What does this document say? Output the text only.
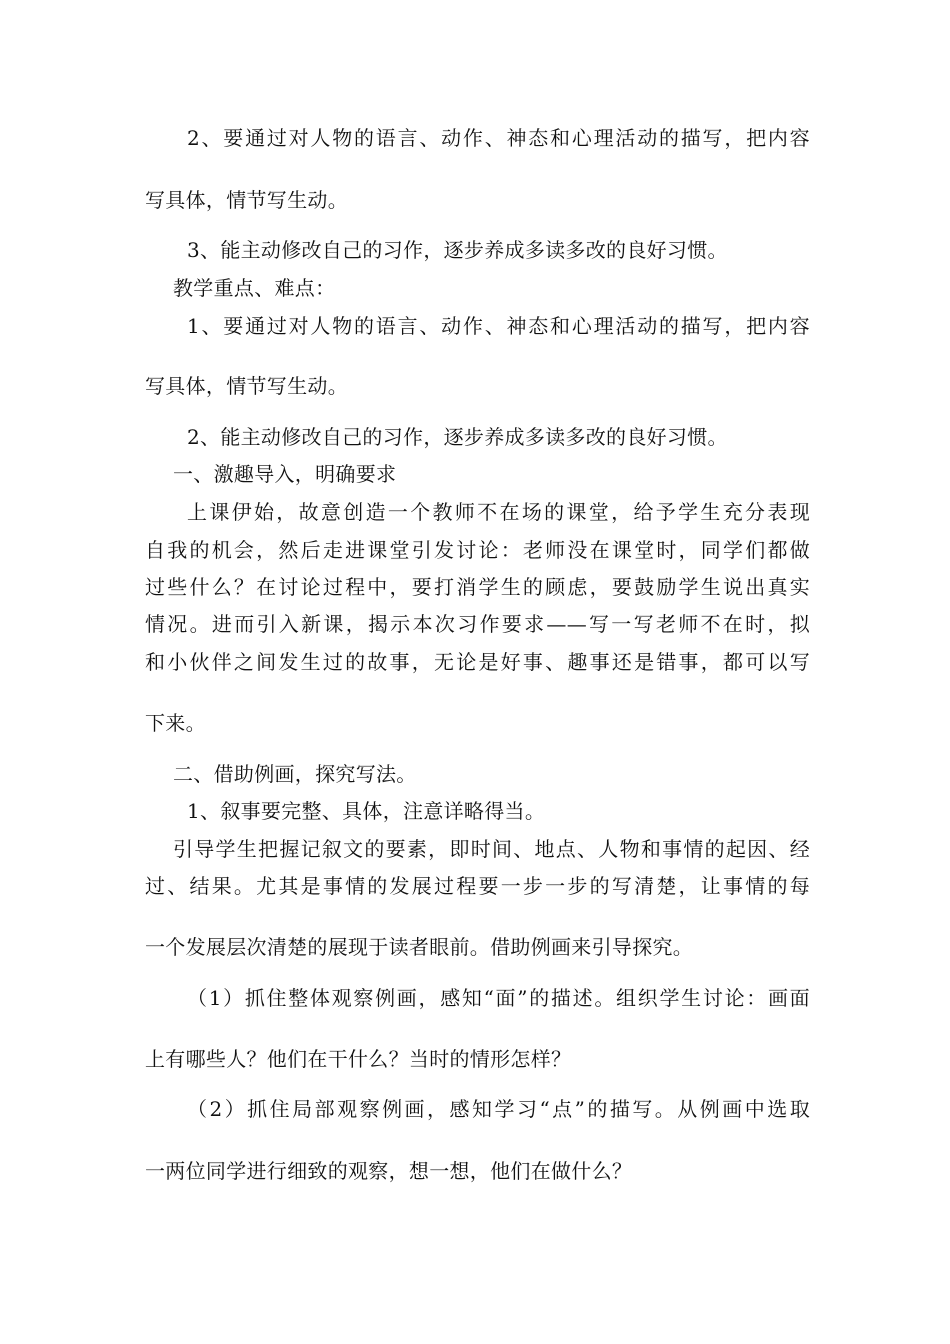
2、要通过对人物的语言、动作、神态和心理活动的描写，把内容
写具体，情节写生动。
3、能主动修改自己的习作，逐步养成多读多改的良好习惯。
教学重点、难点：
1、要通过对人物的语言、动作、神态和心理活动的描写，把内容
写具体，情节写生动。
2、能主动修改自己的习作，逐步养成多读多改的良好习惯。
一、激趣导入，明确要求
上课伊始，故意创造一个教师不在场的课堂，给予学生充分表现
自我的机会，然后走进课堂引发讨论：老师没在课堂时，同学们都做
过些什么？在讨论过程中，要打消学生的顾虑，要鼓励学生说出真实
情况。进而引入新课，揭示本次习作要求——写一写老师不在时，拟
和小伙伴之间发生过的故事，无论是好事、趣事还是错事，都可以写
下来。
二、借助例画，探究写法。
1、叙事要完整、具体，注意详略得当。
引导学生把握记叙文的要素，即时间、地点、人物和事情的起因、经
过、结果。尤其是事情的发展过程要一步一步的写清楚，让事情的每
一个发展层次清楚的展现于读者眼前。借助例画来引导探究。
（1）抓住整体观察例画，感知“面”的描述。组织学生讨论：画面
上有哪些人？他们在干什么？当时的情形怎样？
（2）抓住局部观察例画，感知学习“点”的描写。从例画中选取
一两位同学进行细致的观察，想一想，他们在做什么？
